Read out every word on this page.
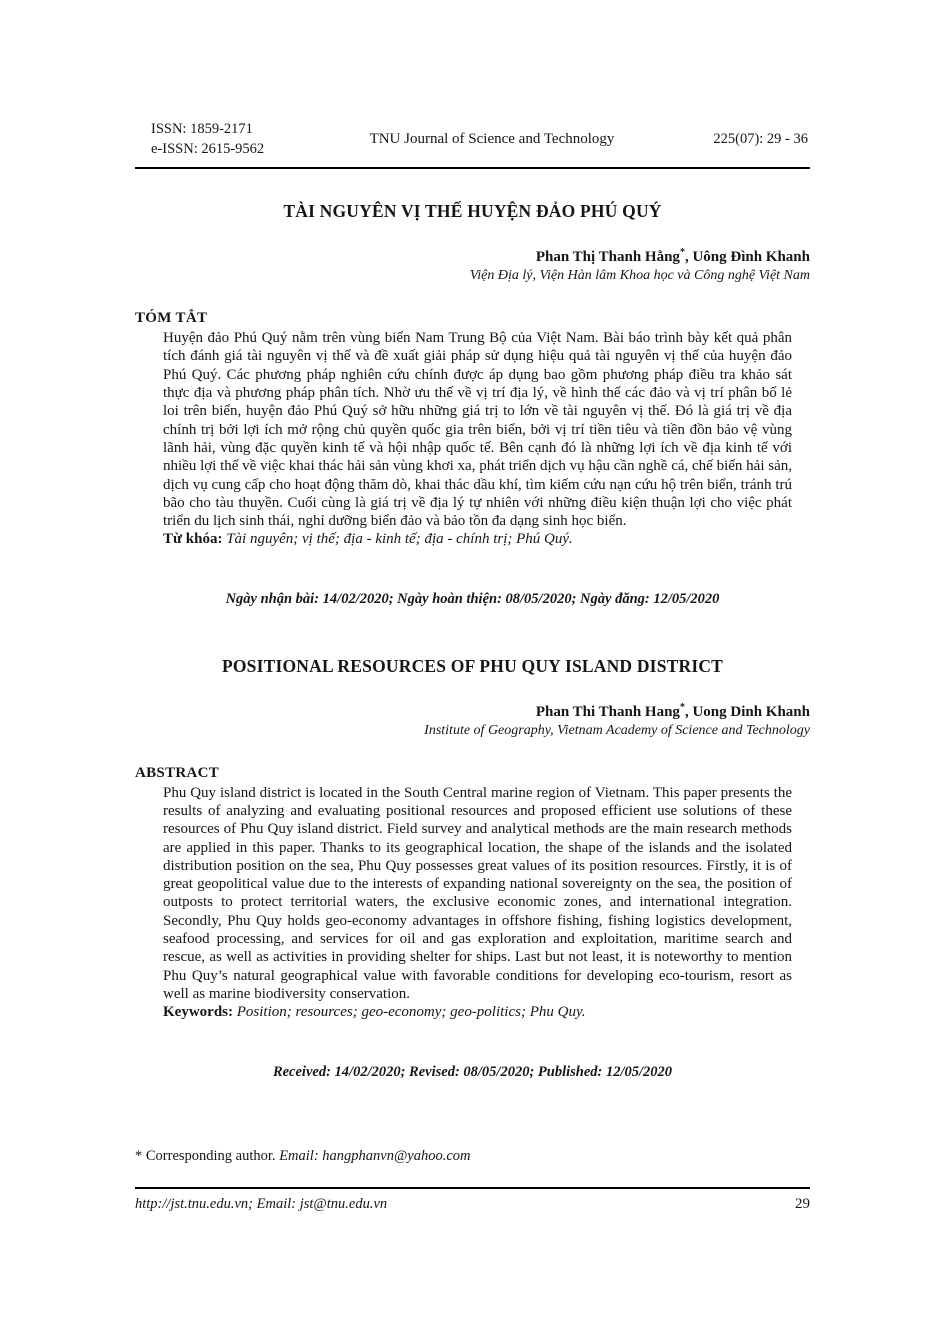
ISSN: 1859-2171
e-ISSN: 2615-9562
TNU Journal of Science and Technology	225(07): 29 - 36
TÀI NGUYÊN VỊ THẾ HUYỆN ĐẢO PHÚ QUÝ
Phan Thị Thanh Hằng*, Uông Đình Khanh
Viện Địa lý, Viện Hàn lâm Khoa học và Công nghệ Việt Nam
TÓM TẮT
Huyện đảo Phú Quý nằm trên vùng biển Nam Trung Bộ của Việt Nam. Bài báo trình bày kết quả phân tích đánh giá tài nguyên vị thế và đề xuất giải pháp sử dụng hiệu quả tài nguyên vị thế của huyện đảo Phú Quý. Các phương pháp nghiên cứu chính được áp dụng bao gồm phương pháp điều tra khảo sát thực địa và phương pháp phân tích. Nhờ ưu thế về vị trí địa lý, về hình thể các đảo và vị trí phân bố lẻ loi trên biển, huyện đảo Phú Quý sở hữu những giá trị to lớn về tài nguyên vị thế. Đó là giá trị về địa chính trị bởi lợi ích mở rộng chủ quyền quốc gia trên biển, bởi vị trí tiền tiêu và tiền đồn bảo vệ vùng lãnh hải, vùng đặc quyền kinh tế và hội nhập quốc tế. Bên cạnh đó là những lợi ích về địa kinh tế với nhiều lợi thế về việc khai thác hải sản vùng khơi xa, phát triển dịch vụ hậu cần nghề cá, chế biến hải sản, dịch vụ cung cấp cho hoạt động thăm dò, khai thác dầu khí, tìm kiếm cứu nạn cứu hộ trên biển, tránh trú bão cho tàu thuyền. Cuối cùng là giá trị về địa lý tự nhiên với những điều kiện thuận lợi cho việc phát triển du lịch sinh thái, nghỉ dưỡng biển đảo và bảo tồn đa dạng sinh học biển.
Từ khóa: Tài nguyên; vị thế; địa - kinh tế; địa - chính trị; Phú Quý.
Ngày nhận bài: 14/02/2020; Ngày hoàn thiện: 08/05/2020; Ngày đăng: 12/05/2020
POSITIONAL RESOURCES OF PHU QUY ISLAND DISTRICT
Phan Thi Thanh Hang*, Uong Dinh Khanh
Institute of Geography, Vietnam Academy of Science and Technology
ABSTRACT
Phu Quy island district is located in the South Central marine region of Vietnam. This paper presents the results of analyzing and evaluating positional resources and proposed efficient use solutions of these resources of Phu Quy island district. Field survey and analytical methods are the main research methods are applied in this paper. Thanks to its geographical location, the shape of the islands and the isolated distribution position on the sea, Phu Quy possesses great values of its position resources. Firstly, it is of great geopolitical value due to the interests of expanding national sovereignty on the sea, the position of outposts to protect territorial waters, the exclusive economic zones, and international integration. Secondly, Phu Quy holds geo-economy advantages in offshore fishing, fishing logistics development, seafood processing, and services for oil and gas exploration and exploitation, maritime search and rescue, as well as activities in providing shelter for ships. Last but not least, it is noteworthy to mention Phu Quy’s natural geographical value with favorable conditions for developing eco-tourism, resort as well as marine biodiversity conservation.
Keywords: Position; resources; geo-economy; geo-politics; Phu Quy.
Received: 14/02/2020; Revised: 08/05/2020; Published: 12/05/2020
* Corresponding author. Email: hangphanvn@yahoo.com
http://jst.tnu.edu.vn; Email: jst@tnu.edu.vn	29
